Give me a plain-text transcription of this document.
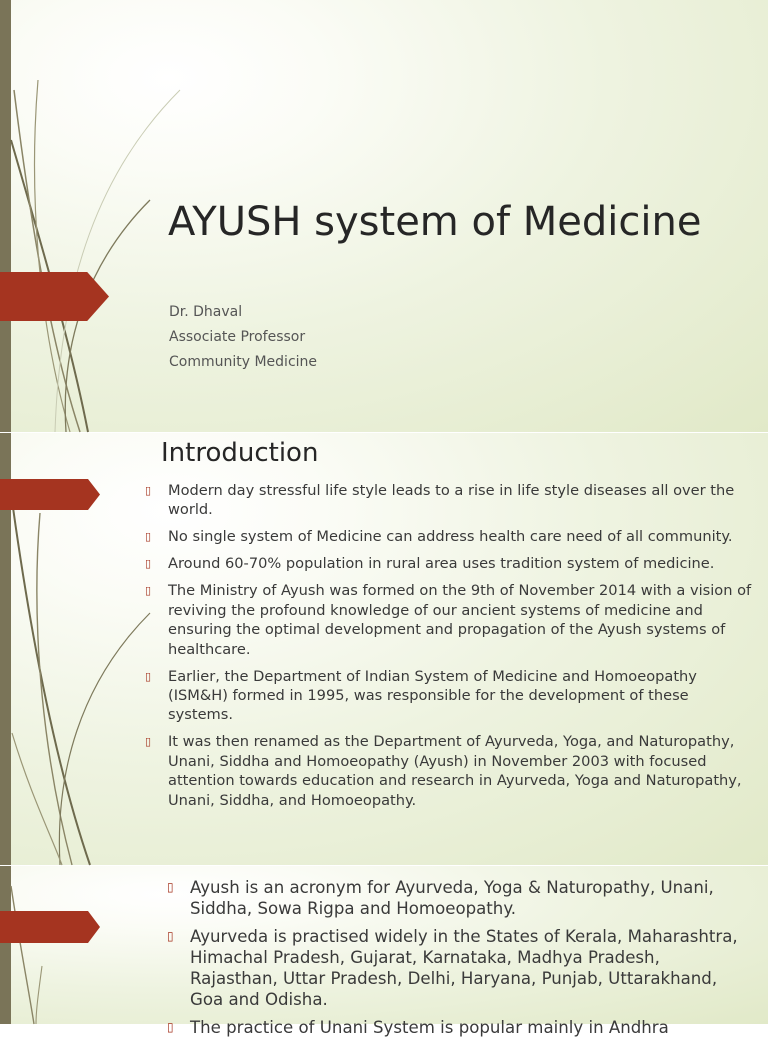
AYUSH system of Medicine
Dr. Dhaval
Associate Professor
Community Medicine
Introduction
▯ Modern day stressful life style leads to a rise in life style diseases all over the world.
▯ No single system of Medicine can address health care need of all community.
▯ Around 60-70% population in rural area uses tradition system of medicine.
▯ The Ministry of Ayush was formed on the 9th of November 2014 with a vision of reviving the profound knowledge of our ancient systems of medicine and ensuring the optimal development and propagation of the Ayush systems of healthcare.
▯ Earlier, the Department of Indian System of Medicine and Homoeopathy (ISM&H) formed in 1995, was responsible for the development of these systems.
▯ It was then renamed as the Department of Ayurveda, Yoga, and Naturopathy, Unani, Siddha and Homoeopathy (Ayush) in November 2003 with focused attention towards education and research in Ayurveda, Yoga and Naturopathy, Unani, Siddha, and Homoeopathy.
▯ Ayush is an acronym for Ayurveda, Yoga & Naturopathy, Unani, Siddha, Sowa Rigpa and Homoeopathy.
▯ Ayurveda is practised widely in the States of Kerala, Maharashtra, Himachal Pradesh, Gujarat, Karnataka, Madhya Pradesh, Rajasthan, Uttar Pradesh, Delhi, Haryana, Punjab, Uttarakhand, Goa and Odisha.
▯ The practice of Unani System is popular mainly in Andhra
